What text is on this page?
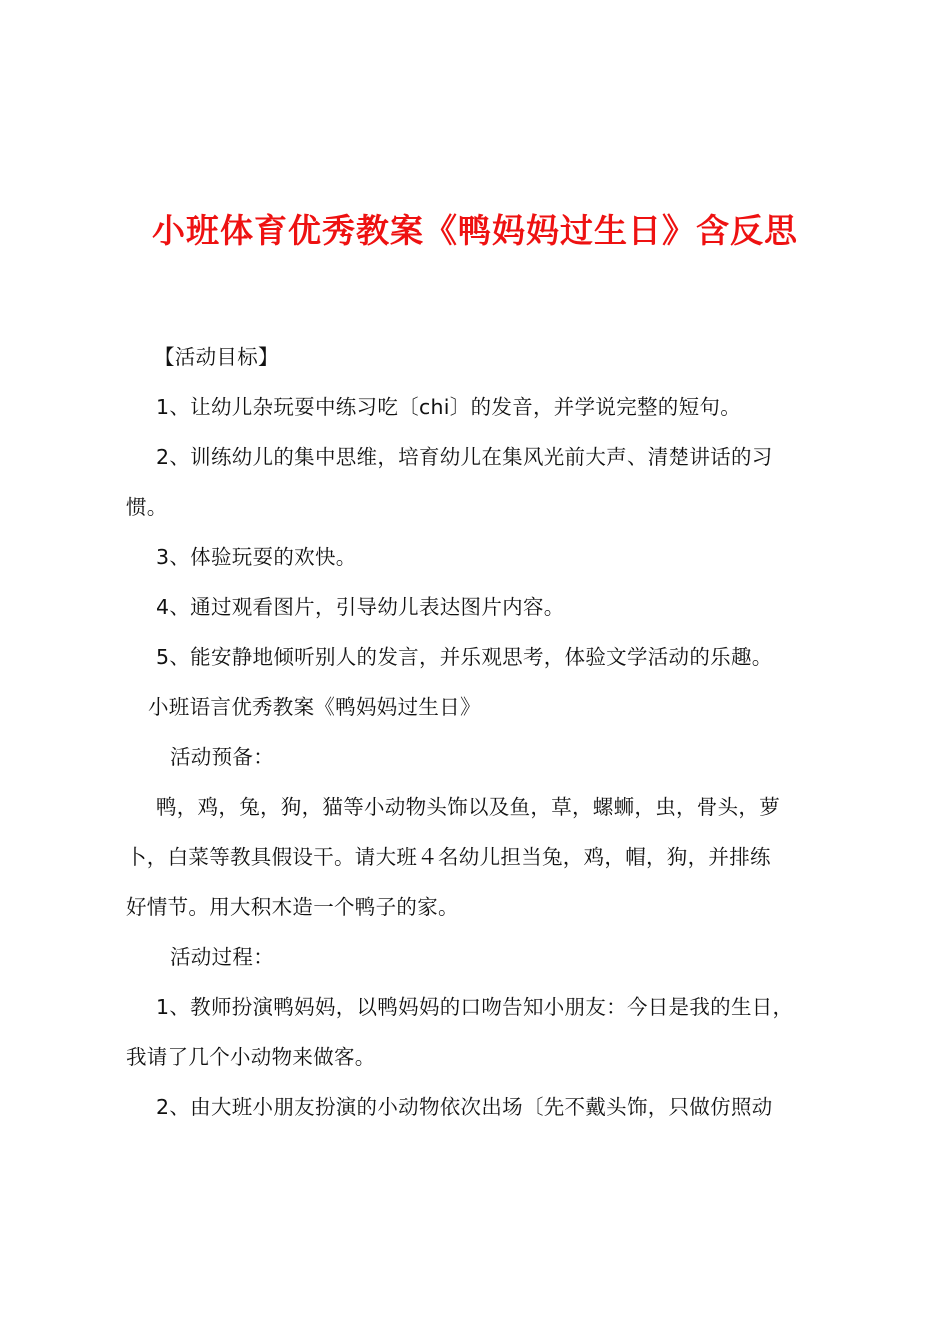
小班体育优秀教案《鸭妈妈过生日》含反思
【活动目标】
1、让幼儿杂玩耍中练习吃〔chi〕的发音，并学说完整的短句。
2、训练幼儿的集中思维，培育幼儿在集风光前大声、清楚讲话的习
惯。
3、体验玩耍的欢快。
4、通过观看图片，引导幼儿表达图片内容。
5、能安静地倾听别人的发言，并乐观思考，体验文学活动的乐趣。
小班语言优秀教案《鸭妈妈过生日》
活动预备：
鸭，鸡，兔，狗，猫等小动物头饰以及鱼，草，螺蛳，虫，骨头，萝
卜，白菜等教具假设干。请大班４名幼儿担当兔，鸡，帽，狗，并排练
好情节。用大积木造一个鸭子的家。
活动过程：
1、教师扮演鸭妈妈，以鸭妈妈的口吻告知小朋友：今日是我的生日，
我请了几个小动物来做客。
2、由大班小朋友扮演的小动物依次出场〔先不戴头饰，只做仿照动
